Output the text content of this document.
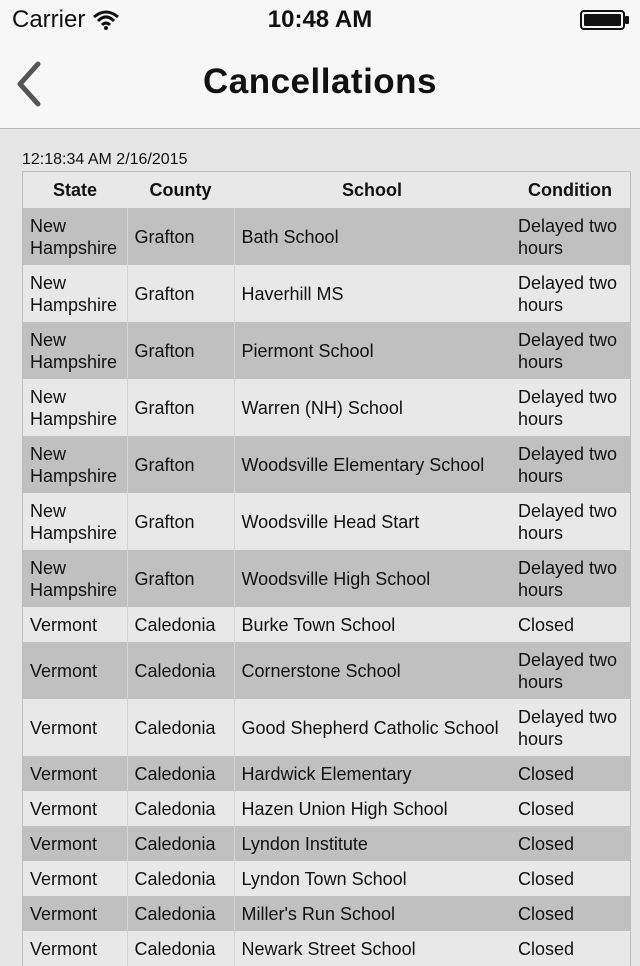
Carrier	10:48 AM
Cancellations
12:18:34 AM 2/16/2015
State	County	School	Condition
New Hampshire	Grafton	Bath School	Delayed two hours
New Hampshire	Grafton	Haverhill MS	Delayed two hours
New Hampshire	Grafton	Piermont School	Delayed two hours
New Hampshire	Grafton	Warren (NH) School	Delayed two hours
New Hampshire	Grafton	Woodsville Elementary School	Delayed two hours
New Hampshire	Grafton	Woodsville Head Start	Delayed two hours
New Hampshire	Grafton	Woodsville High School	Delayed two hours
Vermont	Caledonia	Burke Town School	Closed
Vermont	Caledonia	Cornerstone School	Delayed two hours
Vermont	Caledonia	Good Shepherd Catholic School	Delayed two hours
Vermont	Caledonia	Hardwick Elementary	Closed
Vermont	Caledonia	Hazen Union High School	Closed
Vermont	Caledonia	Lyndon Institute	Closed
Vermont	Caledonia	Lyndon Town School	Closed
Vermont	Caledonia	Miller's Run School	Closed
Vermont	Caledonia	Newark Street School	Closed
